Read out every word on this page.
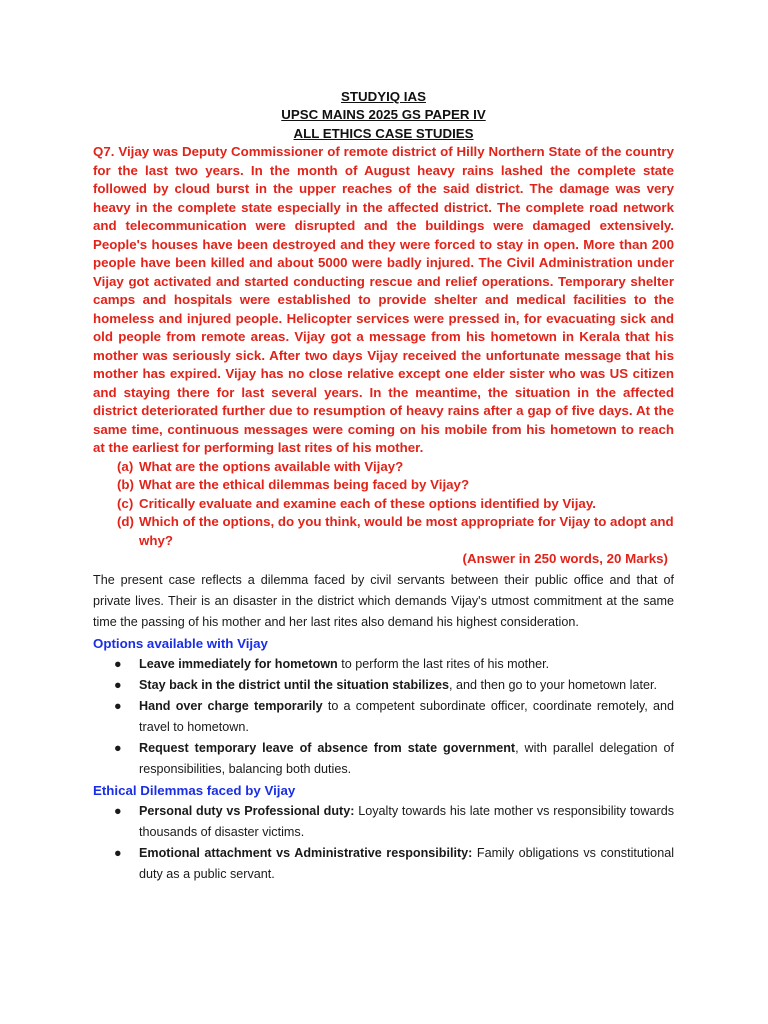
STUDYIQ IAS
UPSC MAINS 2025 GS PAPER IV
ALL ETHICS CASE STUDIES
Q7. Vijay was Deputy Commissioner of remote district of Hilly Northern State of the country for the last two years. In the month of August heavy rains lashed the complete state followed by cloud burst in the upper reaches of the said district. The damage was very heavy in the complete state especially in the affected district. The complete road network and telecommunication were disrupted and the buildings were damaged extensively. People's houses have been destroyed and they were forced to stay in open. More than 200 people have been killed and about 5000 were badly injured. The Civil Administration under Vijay got activated and started conducting rescue and relief operations. Temporary shelter camps and hospitals were established to provide shelter and medical facilities to the homeless and injured people. Helicopter services were pressed in, for evacuating sick and old people from remote areas. Vijay got a message from his hometown in Kerala that his mother was seriously sick. After two days Vijay received the unfortunate message that his mother has expired. Vijay has no close relative except one elder sister who was US citizen and staying there for last several years. In the meantime, the situation in the affected district deteriorated further due to resumption of heavy rains after a gap of five days. At the same time, continuous messages were coming on his mobile from his hometown to reach at the earliest for performing last rites of his mother.
(a) What are the options available with Vijay?
(b) What are the ethical dilemmas being faced by Vijay?
(c) Critically evaluate and examine each of these options identified by Vijay.
(d) Which of the options, do you think, would be most appropriate for Vijay to adopt and why?
(Answer in 250 words, 20 Marks)
The present case reflects a dilemma faced by civil servants between their public office and that of private lives. Their is an disaster in the district which demands Vijay's utmost commitment at the same time the passing of his mother and her last rites also demand his highest consideration.
Options available with Vijay
●	Leave immediately for hometown to perform the last rites of his mother.
●	Stay back in the district until the situation stabilizes, and then go to your hometown later.
●	Hand over charge temporarily to a competent subordinate officer, coordinate remotely, and travel to hometown.
●	Request temporary leave of absence from state government, with parallel delegation of responsibilities, balancing both duties.
Ethical Dilemmas faced by Vijay
●	Personal duty vs Professional duty: Loyalty towards his late mother vs responsibility towards thousands of disaster victims.
●	Emotional attachment vs Administrative responsibility: Family obligations vs constitutional duty as a public servant.
